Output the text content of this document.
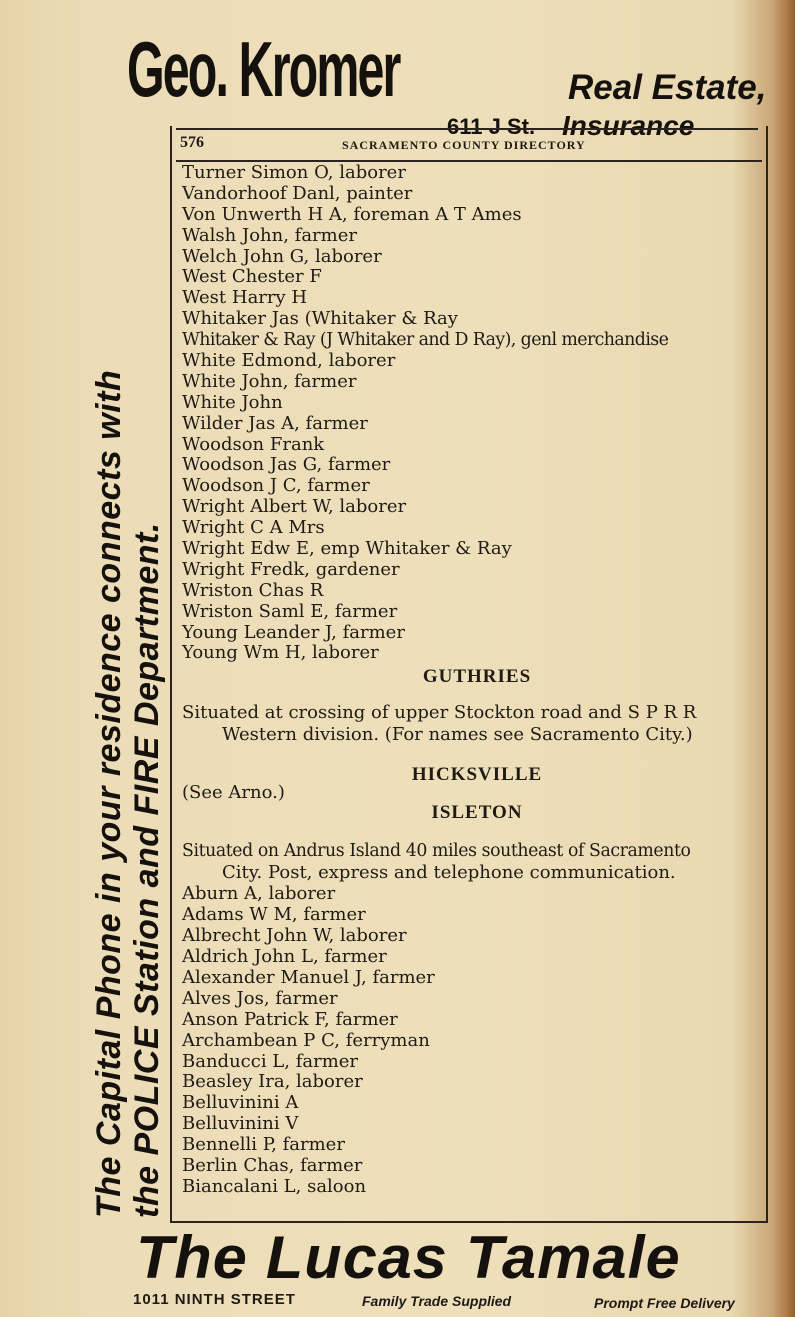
Geo. Kromer	Real Estate,
611 J St. Insurance
The Capital Phone in your residence connects with the POLICE Station and FIRE Department.
576	SACRAMENTO COUNTY DIRECTORY
Turner Simon O, laborer
Vandorhoof Danl, painter
Von Unwerth H A, foreman A T Ames
Walsh John, farmer
Welch John G, laborer
West Chester F
West Harry H
Whitaker Jas (Whitaker & Ray
Whitaker & Ray (J Whitaker and D Ray), genl merchandise
White Edmond, laborer
White John, farmer
White John
Wilder Jas A, farmer
Woodson Frank
Woodson Jas G, farmer
Woodson J C, farmer
Wright Albert W, laborer
Wright C A Mrs
Wright Edw E, emp Whitaker & Ray
Wright Fredk, gardener
Wriston Chas R
Wriston Saml E, farmer
Young Leander J, farmer
Young Wm H, laborer
GUTHRIES
Situated at crossing of upper Stockton road and S P R R
Western division. (For names see Sacramento City.)
HICKSVILLE
(See Arno.)
ISLETON
Situated on Andrus Island 40 miles southeast of Sacramento
City. Post, express and telephone communication.
Aburn A, laborer
Adams W M, farmer
Albrecht John W, laborer
Aldrich John L, farmer
Alexander Manuel J, farmer
Alves Jos, farmer
Anson Patrick F, farmer
Archambean P C, ferryman
Banducci L, farmer
Beasley Ira, laborer
Belluvinini A
Belluvinini V
Bennelli P, farmer
Berlin Chas, farmer
Biancalani L, saloon
The Lucas Tamale
1011 NINTH STREET	Family Trade Supplied	Prompt Free Delivery
